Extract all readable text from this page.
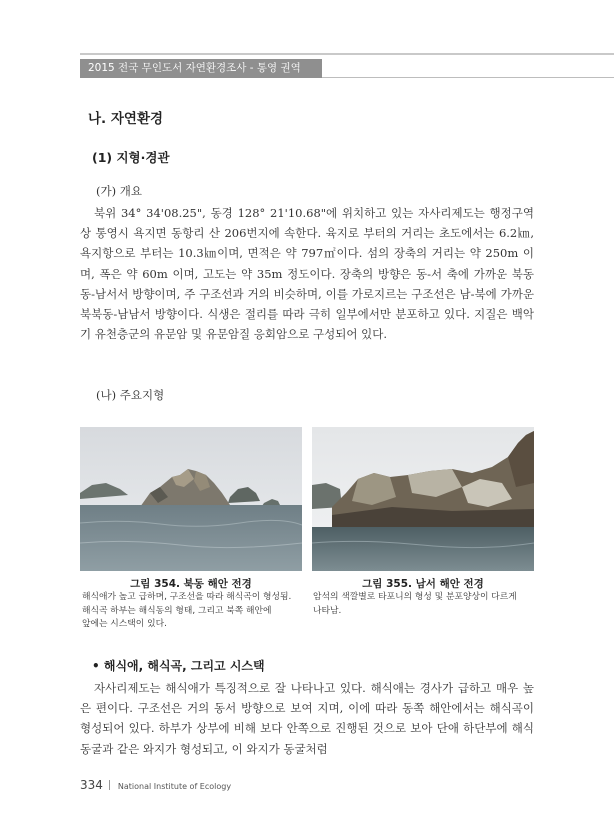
2015 전국 무인도서 자연환경조사 - 통영 권역
나. 자연환경
(1) 지형·경관
(가) 개요
북위 34° 34'08.25", 동경 128° 21'10.68"에 위치하고 있는 자사리제도는 행정구역 상 통영시 욕지면 동항리 산 206번지에 속한다. 육지로 부터의 거리는 초도에서는 6.2㎞, 욕지항으로 부터는 10.3㎞이며, 면적은 약 797㎡이다. 섬의 장축의 거리는 약 250m 이며, 폭은 약 60m 이며, 고도는 약 35m 정도이다. 장축의 방향은 동-서 축에 가까운 북동동-남서서 방향이며, 주 구조선과 거의 비슷하며, 이를 가로지르는 구조선은 남-북에 가까운 북북동-남남서 방향이다. 식생은 절리를 따라 극히 일부에서만 분포하고 있다. 지질은 백악기 유천층군의 유문암 및 유문암질 응회암으로 구성되어 있다.
(나) 주요지형
그림 354. 북동 해안 전경	그림 355. 남서 해안 전경

해식애가 높고 급하며, 구조선을 따라 해식곡이 형성됨.
해식곡 하부는 해식동의 형태, 그리고 북쪽 해안에
앞에는 시스택이 있다.

암석의 색깔별로 타포니의 형성 및 분포양상이 다르게
나타남.

• 해식애, 해식곡, 그리고 시스택
자사리제도는 해식애가 특징적으로 잘 나타나고 있다. 해식애는 경사가 급하고 매우 높은 편이다. 구조선은 거의 동서 방향으로 보여 지며, 이에 따라 동쪽 해안에서는 해식곡이 형성되어 있다. 하부가 상부에 비해 보다 안쪽으로 진행된 것으로 보아 단애 하단부에 해식동굴과 같은 와지가 형성되고, 이 와지가 동굴처럼
334 National Institute of Ecology
